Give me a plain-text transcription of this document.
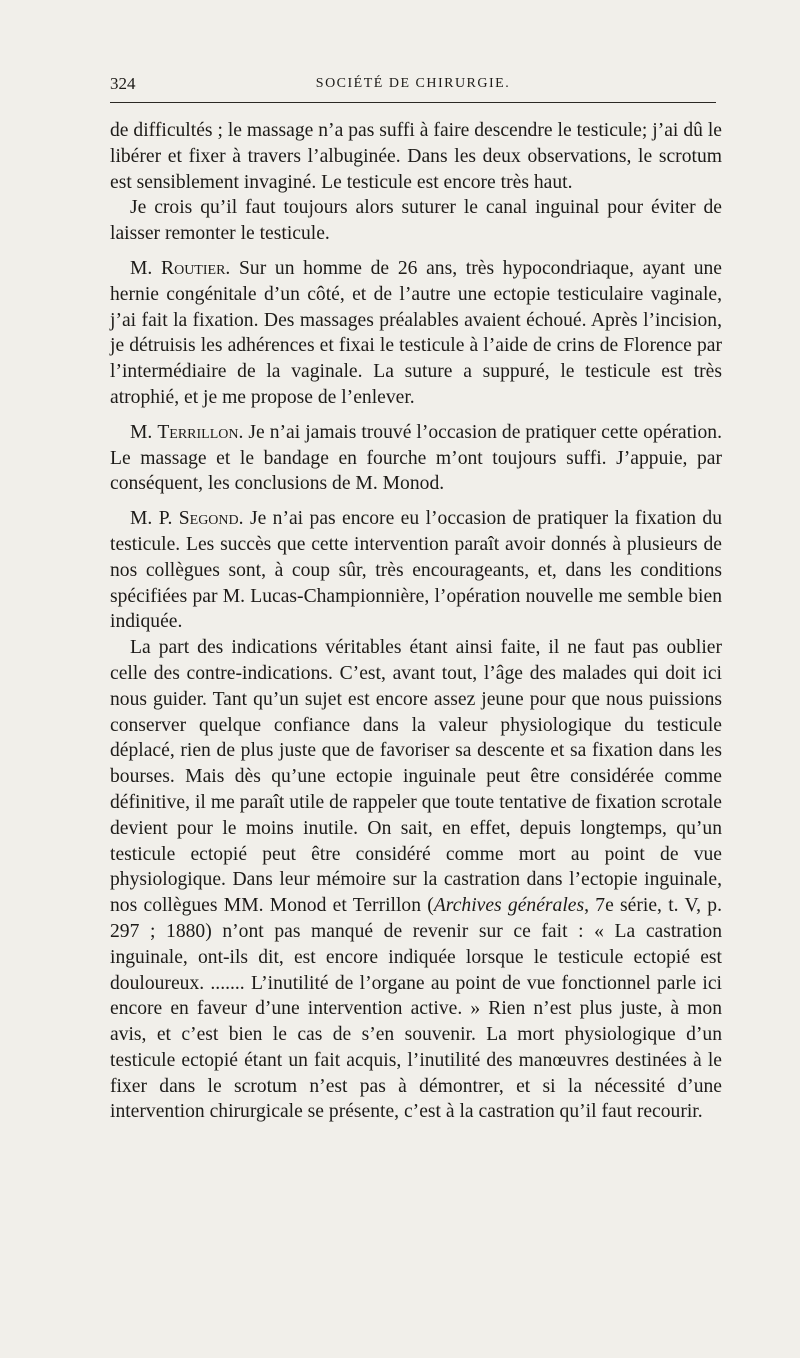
324	SOCIÉTÉ DE CHIRURGIE.

de difficultés ; le massage n’a pas suffi à faire descendre le testicule; j’ai dû le libérer et fixer à travers l’albuginée. Dans les deux observations, le scrotum est sensiblement invaginé. Le testicule est encore très haut.

Je crois qu’il faut toujours alors suturer le canal inguinal pour éviter de laisser remonter le testicule.

M. Routier. Sur un homme de 26 ans, très hypocondriaque, ayant une hernie congénitale d’un côté, et de l’autre une ectopie testiculaire vaginale, j’ai fait la fixation. Des massages préalables avaient échoué. Après l’incision, je détruisis les adhérences et fixai le testicule à l’aide de crins de Florence par l’intermédiaire de la vaginale. La suture a suppuré, le testicule est très atrophié, et je me propose de l’enlever.

M. Terrillon. Je n’ai jamais trouvé l’occasion de pratiquer cette opération. Le massage et le bandage en fourche m’ont toujours suffi. J’appuie, par conséquent, les conclusions de M. Monod.

M. P. Segond. Je n’ai pas encore eu l’occasion de pratiquer la fixation du testicule. Les succès que cette intervention paraît avoir donnés à plusieurs de nos collègues sont, à coup sûr, très encourageants, et, dans les conditions spécifiées par M. Lucas-Championnière, l’opération nouvelle me semble bien indiquée.

La part des indications véritables étant ainsi faite, il ne faut pas oublier celle des contre-indications. C’est, avant tout, l’âge des malades qui doit ici nous guider. Tant qu’un sujet est encore assez jeune pour que nous puissions conserver quelque confiance dans la valeur physiologique du testicule déplacé, rien de plus juste que de favoriser sa descente et sa fixation dans les bourses. Mais dès qu’une ectopie inguinale peut être considérée comme définitive, il me paraît utile de rappeler que toute tentative de fixation scrotale devient pour le moins inutile. On sait, en effet, depuis longtemps, qu’un testicule ectopié peut être considéré comme mort au point de vue physiologique. Dans leur mémoire sur la castration dans l’ectopie inguinale, nos collègues MM. Monod et Terrillon (Archives générales, 7e série, t. V, p. 297 ; 1880) n’ont pas manqué de revenir sur ce fait : « La castration inguinale, ont-ils dit, est encore indiquée lorsque le testicule ectopié est douloureux. ....... L’inutilité de l’organe au point de vue fonctionnel parle ici encore en faveur d’une intervention active. » Rien n’est plus juste, à mon avis, et c’est bien le cas de s’en souvenir. La mort physiologique d’un testicule ectopié étant un fait acquis, l’inutilité des manœuvres destinées à le fixer dans le scrotum n’est pas à démontrer, et si la nécessité d’une intervention chirurgicale se présente, c’est à la castration qu’il faut recourir.
